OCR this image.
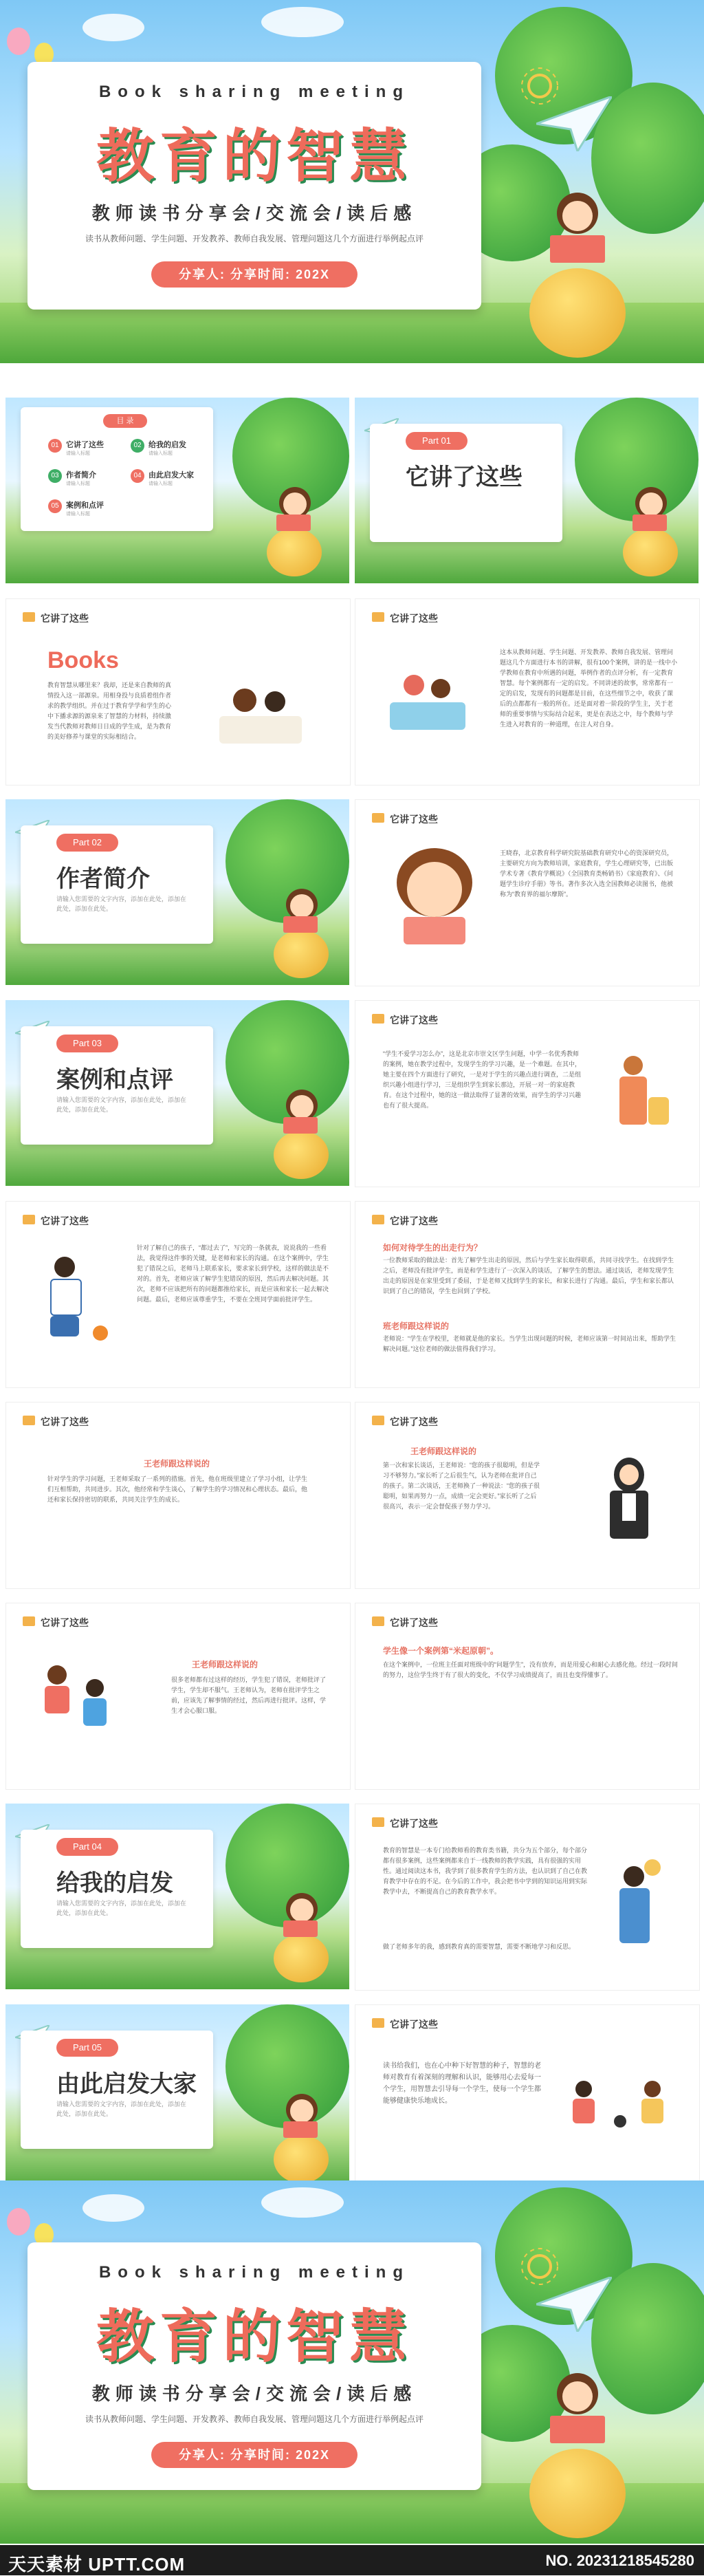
Book sharing meeting
教育的智慧
教师读书分享会/交流会/读后感
读书从教师问题、学生问题、开发教养、教师自我发展、管理问题这几个方面进行举例起点评
分享人: 分享时间: 202X
目 录
01 它讲了这些
请输入标题
02 给我的启发
请输入标题
03 作者简介
请输入标题
04 由此启发大家
请输入标题
05 案例和点评
请输入标题
Part 01
它讲了这些
它讲了这些
Books
教育智慧从哪里来？我却，还是来自教师的真情投入这一部源泉。用相身投与良质着组作者求的教学组织。并在过于教育学学和学生的心中下播求源的源泉来了智慧的力材料，持续激发当代教师对教师日日成的学生成，是为教育的美好修养与课堂的实际相结合。
它讲了这些
这本从教师问题、学生问题、开发教养、教师自我发展、管理问题这几个方面进行本书的讲解，很有100个案例，讲的是一线中小学教师在教育中所遇的问题，举例作者的点评分析，有一定教育智慧。每个案例都有一定的启发。不同讲述的故事，常常都有一定的启发，发现有的问题都是目前，在这些细节之中，收获了课后的点都都有一般的所在。还是面对着一阶段的学生主，关于老师的重要事情与实际结合起来，更是在表达之中，每个教师与学生进入对教育的一种道理，在注人对自身。
Part 02
作者简介
请输入您需要的文字内容，添加在此处，添加在此处，添加在此处。
它讲了这些
王晓春，北京教育科学研究院基础教育研究中心的资深研究员，主要研究方向为教师培训，家庭教育，学生心理研究等，已出版学术专著《教育学概说》（全国教育类畅销书）《家庭教育》、《问题学生诊疗手册》等书。著作多次入选全国教师必读图书，他被称为“教育界的福尔摩斯”。
Part 03
案例和点评
请输入您需要的文字内容，添加在此处，添加在此处，添加在此处。
它讲了这些
“学生不爱学习怎么办”，这是北京市崇文区学生问题，中学一名优秀教师的案例，她在教学过程中，发现学生的学习兴趣，是一个难题。在其中，她主要在四个方面进行了研究，一是对于学生的兴趣点进行调查，二是组织兴趣小组进行学习，三是组织学生到家长那边，开展一对一的家庭教育。在这个过程中，她的这一做法取得了显著的效果，而学生的学习兴趣也有了很大提高。
它讲了这些
针对了解自己的孩子，“都过去了”，写完的一条就表，说说我的一些看法，我觉得这件事的关键，是老师和家长的沟通。在这个案例中，学生犯了错误之后，老师马上联系家长，要求家长到学校，这样的做法是不对的。首先，老师应该了解学生犯错误的原因，然后再去解决问题。其次，老师不应该把所有的问题都推给家长，而是应该和家长一起去解决问题。最后，老师应该尊重学生，不要在全班同学面前批评学生。
它讲了这些
如何对待学生的出走行为？
一位教师采取的做法是：首先了解学生出走的原因，然后与学生家长取得联系，共同寻找学生。在找到学生之后，老师没有批评学生，而是和学生进行了一次深入的谈话，了解学生的想法。通过谈话，老师发现学生出走的原因是在家里受到了委屈，于是老师又找到学生的家长，和家长进行了沟通。最后，学生和家长都认识到了自己的错误，学生也回到了学校。
班老师跟这样说的
老师说：“学生在学校里，老师就是他的家长。当学生出现问题的时候，老师应该第一时间站出来，帮助学生解决问题。”这位老师的做法值得我们学习。
它讲了这些
王老师跟这样说的
针对学生的学习问题，王老师采取了一系列的措施。首先，他在班级里建立了学习小组，让学生们互相帮助，共同进步。其次，他经常和学生谈心，了解学生的学习情况和心理状态。最后，他还和家长保持密切的联系，共同关注学生的成长。
它讲了这些
王老师跟这样说的
第一次和家长谈话，王老师说：“您的孩子很聪明，但是学习不够努力。”家长听了之后很生气，认为老师在批评自己的孩子。第二次谈话，王老师换了一种说法：“您的孩子很聪明，如果再努力一点，成绩一定会更好。”家长听了之后很高兴，表示一定会督促孩子努力学习。
它讲了这些
王老师跟这样说的
很多老师都有过这样的经历，学生犯了错误，老师批评了学生，学生却不服气。王老师认为，老师在批评学生之前，应该先了解事情的经过，然后再进行批评。这样，学生才会心服口服。
它讲了这些
学生像一个案例第“米起原朝”。
在这个案例中，一位班主任面对班级中的“问题学生”，没有放弃，而是用爱心和耐心去感化他。经过一段时间的努力，这位学生终于有了很大的变化，不仅学习成绩提高了，而且也变得懂事了。
Part 04
给我的启发
请输入您需要的文字内容，添加在此处，添加在此处，添加在此处。
它讲了这些
教育的智慧是一本专门给教师看的教育类书籍，共分为五个部分，每个部分都有很多案例，这些案例都来自于一线教师的教学实践，具有很强的实用性。通过阅读这本书，我学到了很多教育学生的方法，也认识到了自己在教育教学中存在的不足。在今后的工作中，我会把书中学到的知识运用到实际教学中去，不断提高自己的教育教学水平。
做了老师多年的我，感到教育真的需要智慧，需要不断地学习和反思。
Part 05
由此启发大家
请输入您需要的文字内容，添加在此处，添加在此处，添加在此处。
它讲了这些
读书给我们，也在心中种下好智慧的种子，智慧的老师对教育有着深刻的理解和认识，能够用心去爱每一个学生，用智慧去引导每一个学生，使每一个学生都能够健康快乐地成长。
Book sharing meeting
教育的智慧
教师读书分享会/交流会/读后感
读书从教师问题、学生问题、开发教养、教师自我发展、管理问题这几个方面进行举例起点评
分享人: 分享时间: 202X
天天素材 UPTT.COM	NO. 20231218545280
